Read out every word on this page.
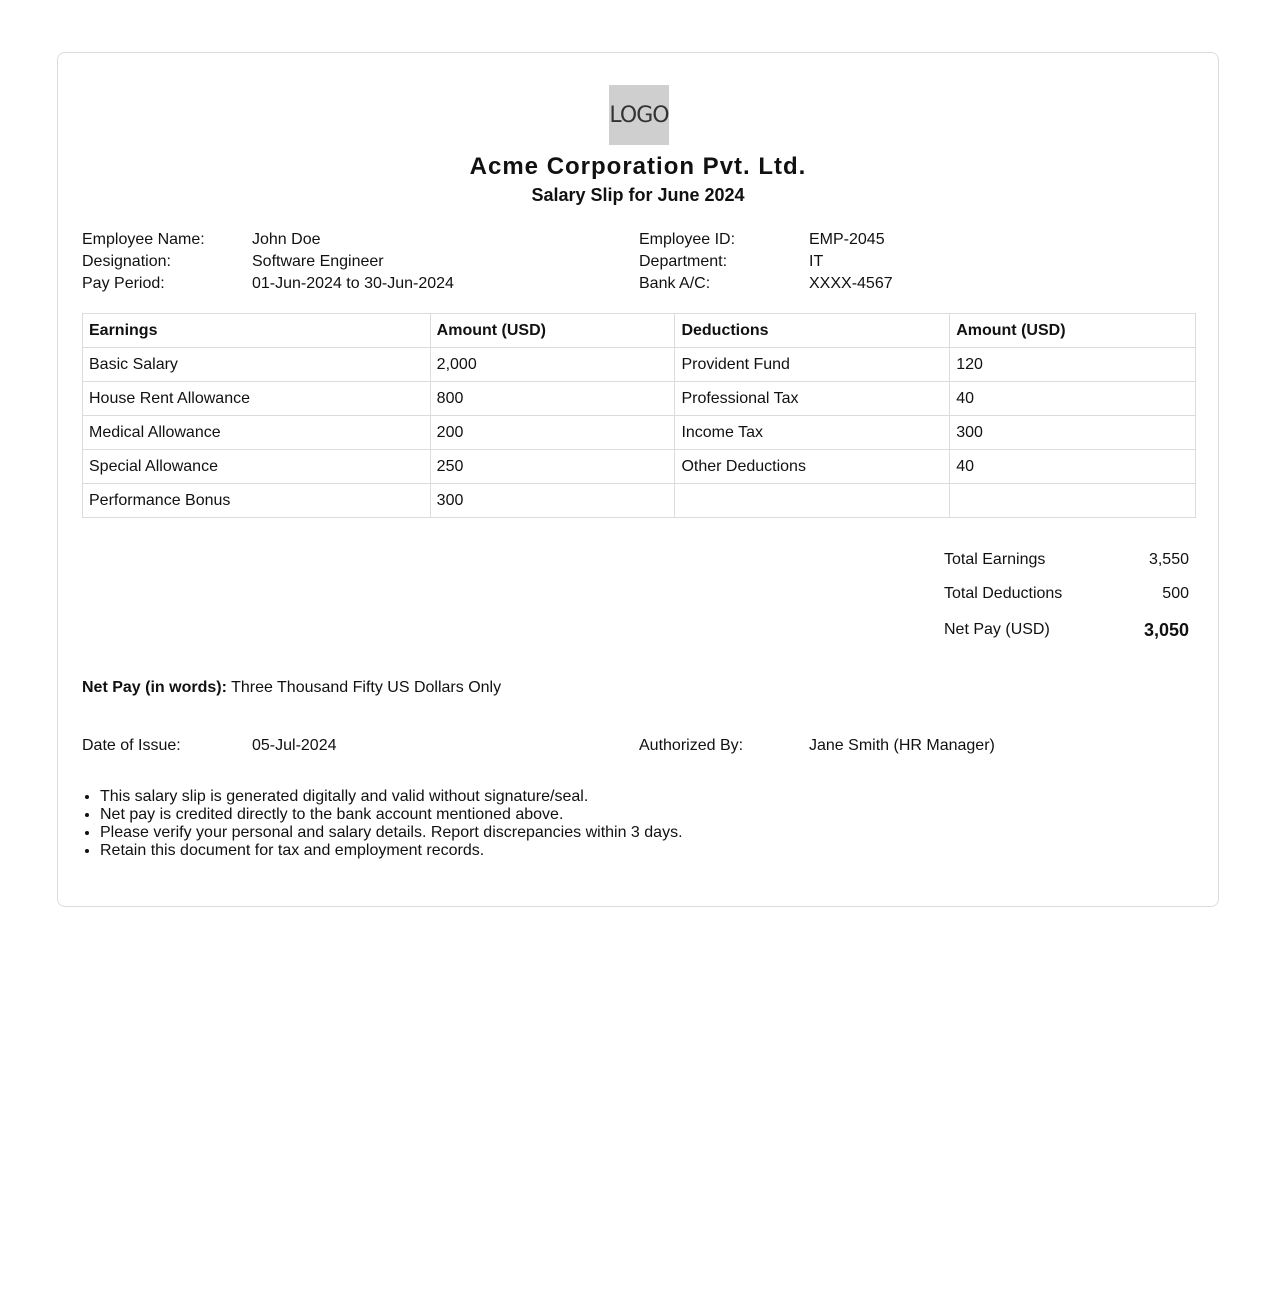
LOGO
Acme Corporation Pvt. Ltd.
Salary Slip for June 2024
Employee Name:	John Doe
Designation:	Software Engineer
Pay Period:	01-Jun-2024 to 30-Jun-2024
Employee ID:	EMP-2045
Department:	IT
Bank A/C:	XXXX-4567
Earnings	Amount (USD)	Deductions	Amount (USD)
Basic Salary	2,000	Provident Fund	120
House Rent Allowance	800	Professional Tax	40
Medical Allowance	200	Income Tax	300
Special Allowance	250	Other Deductions	40
Performance Bonus	300		
Total Earnings	3,550
Total Deductions	500
Net Pay (USD)	3,050
Net Pay (in words): Three Thousand Fifty US Dollars Only
Date of Issue:	05-Jul-2024	Authorized By:	Jane Smith (HR Manager)
• This salary slip is generated digitally and valid without signature/seal.
• Net pay is credited directly to the bank account mentioned above.
• Please verify your personal and salary details. Report discrepancies within 3 days.
• Retain this document for tax and employment records.
